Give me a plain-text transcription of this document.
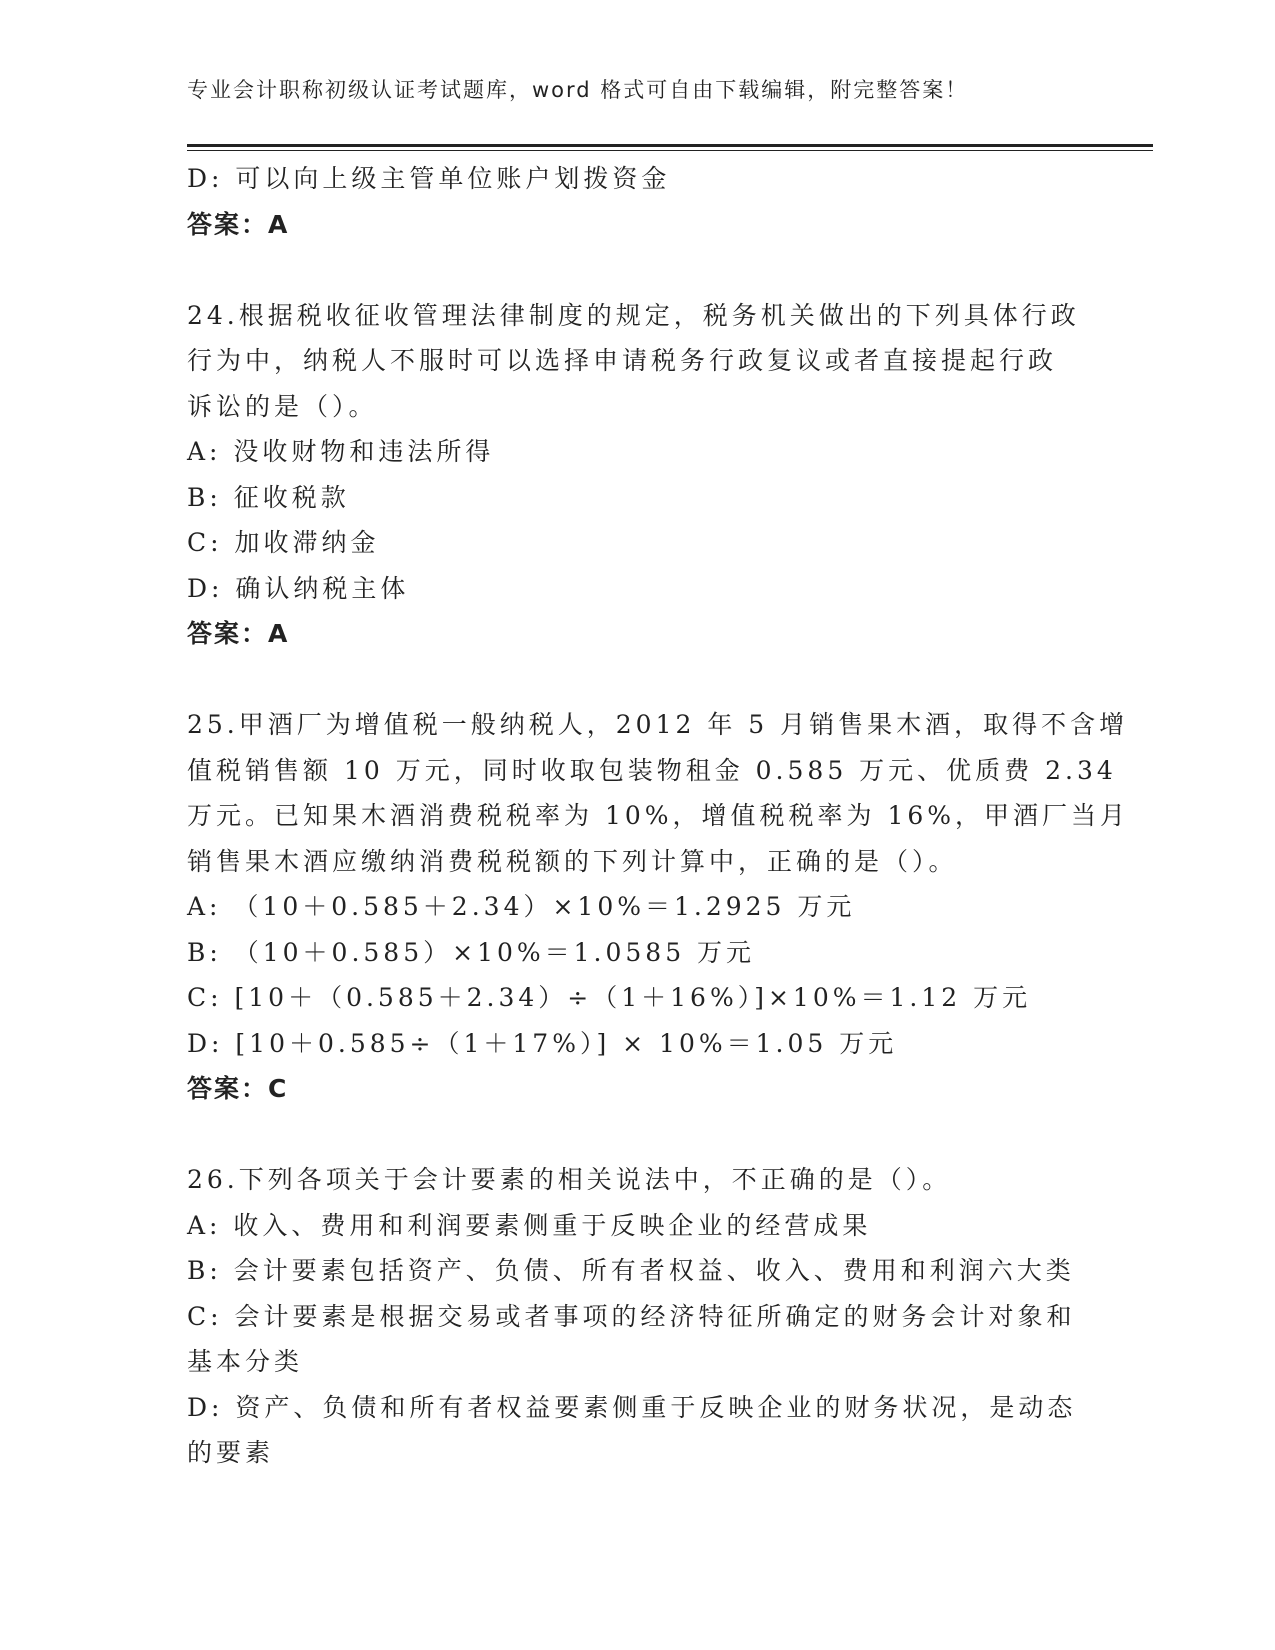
专业会计职称初级认证考试题库，word 格式可自由下载编辑，附完整答案！
D: 可以向上级主管单位账户划拨资金
答案：A
24.根据税收征收管理法律制度的规定，税务机关做出的下列具体行政
行为中，纳税人不服时可以选择申请税务行政复议或者直接提起行政
诉讼的是（）。
A: 没收财物和违法所得
B: 征收税款
C: 加收滞纳金
D: 确认纳税主体
答案：A
25.甲酒厂为增值税一般纳税人，2012 年 5 月销售果木酒，取得不含增
值税销售额 10 万元，同时收取包装物租金 0.585 万元、优质费 2.34
万元。已知果木酒消费税税率为 10%，增值税税率为 16%，甲酒厂当月
销售果木酒应缴纳消费税税额的下列计算中，正确的是（）。
A: （10＋0.585＋2.34）×10%＝1.2925 万元
B: （10＋0.585）×10%＝1.0585 万元
C: [10＋（0.585＋2.34）÷（1＋16%）]×10%＝1.12 万元
D: [10＋0.585÷（1＋17%）] × 10%＝1.05 万元
答案：C
26.下列各项关于会计要素的相关说法中，不正确的是（）。
A: 收入、费用和利润要素侧重于反映企业的经营成果
B: 会计要素包括资产、负债、所有者权益、收入、费用和利润六大类
C: 会计要素是根据交易或者事项的经济特征所确定的财务会计对象和
基本分类
D: 资产、负债和所有者权益要素侧重于反映企业的财务状况，是动态
的要素
